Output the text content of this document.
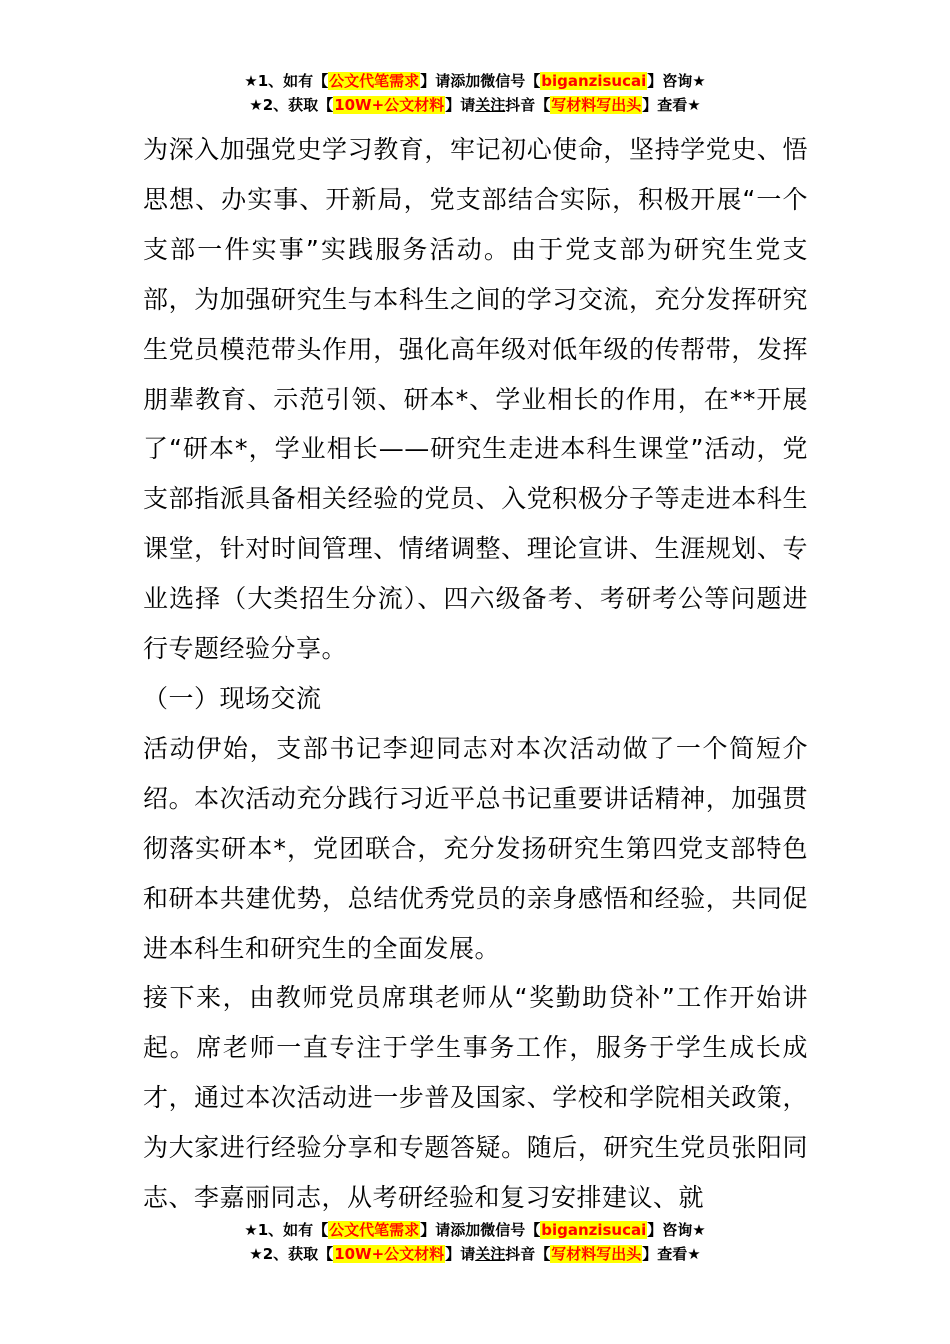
★1、如有【公文代笔需求】请添加微信号【biganzisucai】咨询★
★2、获取【10W+公文材料】请关注抖音【写材料写出头】查看★

为深入加强党史学习教育，牢记初心使命，坚持学党史、悟思想、办实事、开新局，党支部结合实际，积极开展“一个支部一件实事”实践服务活动。由于党支部为研究生党支部，为加强研究生与本科生之间的学习交流，充分发挥研究生党员模范带头作用，强化高年级对低年级的传帮带，发挥朋辈教育、示范引领、研本*、学业相长的作用，在**开展了“研本*，学业相长——研究生走进本科生课堂”活动，党支部指派具备相关经验的党员、入党积极分子等走进本科生课堂，针对时间管理、情绪调整、理论宣讲、生涯规划、专业选择（大类招生分流）、四六级备考、考研考公等问题进行专题经验分享。

（一）现场交流

活动伊始，支部书记李迎同志对本次活动做了一个简短介绍。本次活动充分践行习近平总书记重要讲话精神，加强贯彻落实研本*，党团联合，充分发扬研究生第四党支部特色和研本共建优势，总结优秀党员的亲身感悟和经验，共同促进本科生和研究生的全面发展。

接下来，由教师党员席琪老师从“奖勤助贷补”工作开始讲起。席老师一直专注于学生事务工作，服务于学生成长成才，通过本次活动进一步普及国家、学校和学院相关政策，为大家进行经验分享和专题答疑。随后，研究生党员张阳同志、李嘉丽同志，从考研经验和复习安排建议、就

★1、如有【公文代笔需求】请添加微信号【biganzisucai】咨询★
★2、获取【10W+公文材料】请关注抖音【写材料写出头】查看★
